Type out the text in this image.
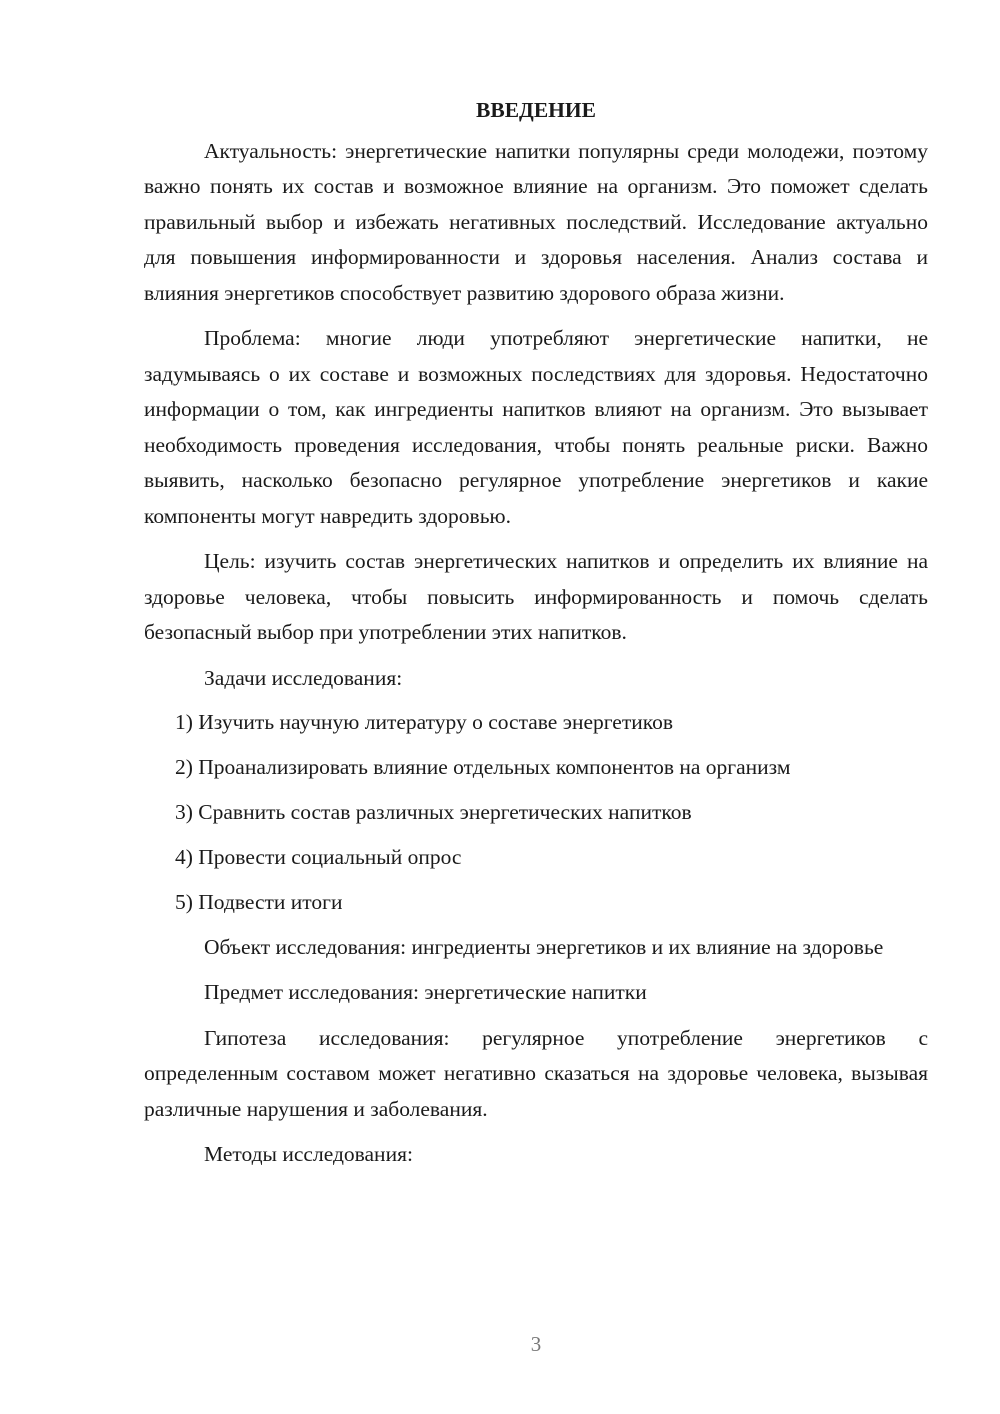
ВВЕДЕНИЕ

Актуальность: энергетические напитки популярны среди молодежи, поэтому важно понять их состав и возможное влияние на организм. Это поможет сделать правильный выбор и избежать негативных последствий. Исследование актуально для повышения информированности и здоровья населения. Анализ состава и влияния энергетиков способствует развитию здорового образа жизни.

Проблема: многие люди употребляют энергетические напитки, не задумываясь о их составе и возможных последствиях для здоровья. Недостаточно информации о том, как ингредиенты напитков влияют на организм. Это вызывает необходимость проведения исследования, чтобы понять реальные риски. Важно выявить, насколько безопасно регулярное употребление энергетиков и какие компоненты могут навредить здоровью.

Цель: изучить состав энергетических напитков и определить их влияние на здоровье человека, чтобы повысить информированность и помочь сделать безопасный выбор при употреблении этих напитков.

Задачи исследования:

1) Изучить научную литературу о составе энергетиков
2) Проанализировать влияние отдельных компонентов на организм
3) Сравнить состав различных энергетических напитков
4) Провести социальный опрос
5) Подвести итоги

Объект исследования: ингредиенты энергетиков и их влияние на здоровье

Предмет исследования: энергетические напитки

Гипотеза исследования: регулярное употребление энергетиков с определенным составом может негативно сказаться на здоровье человека, вызывая различные нарушения и заболевания.

Методы исследования:

3
